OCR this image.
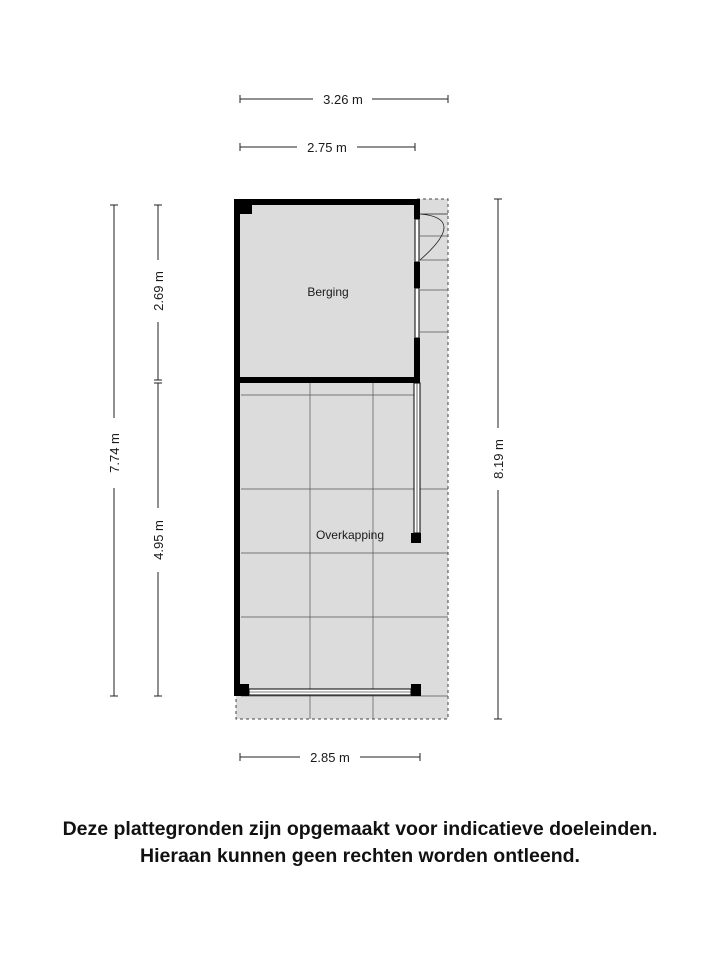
3.26 m
2.75 m
2.85 m
7.74 m
2.69 m
4.95 m
8.19 m
Berging
Overkapping
Deze plattegronden zijn opgemaakt voor indicatieve doeleinden.
Hieraan kunnen geen rechten worden ontleend.
